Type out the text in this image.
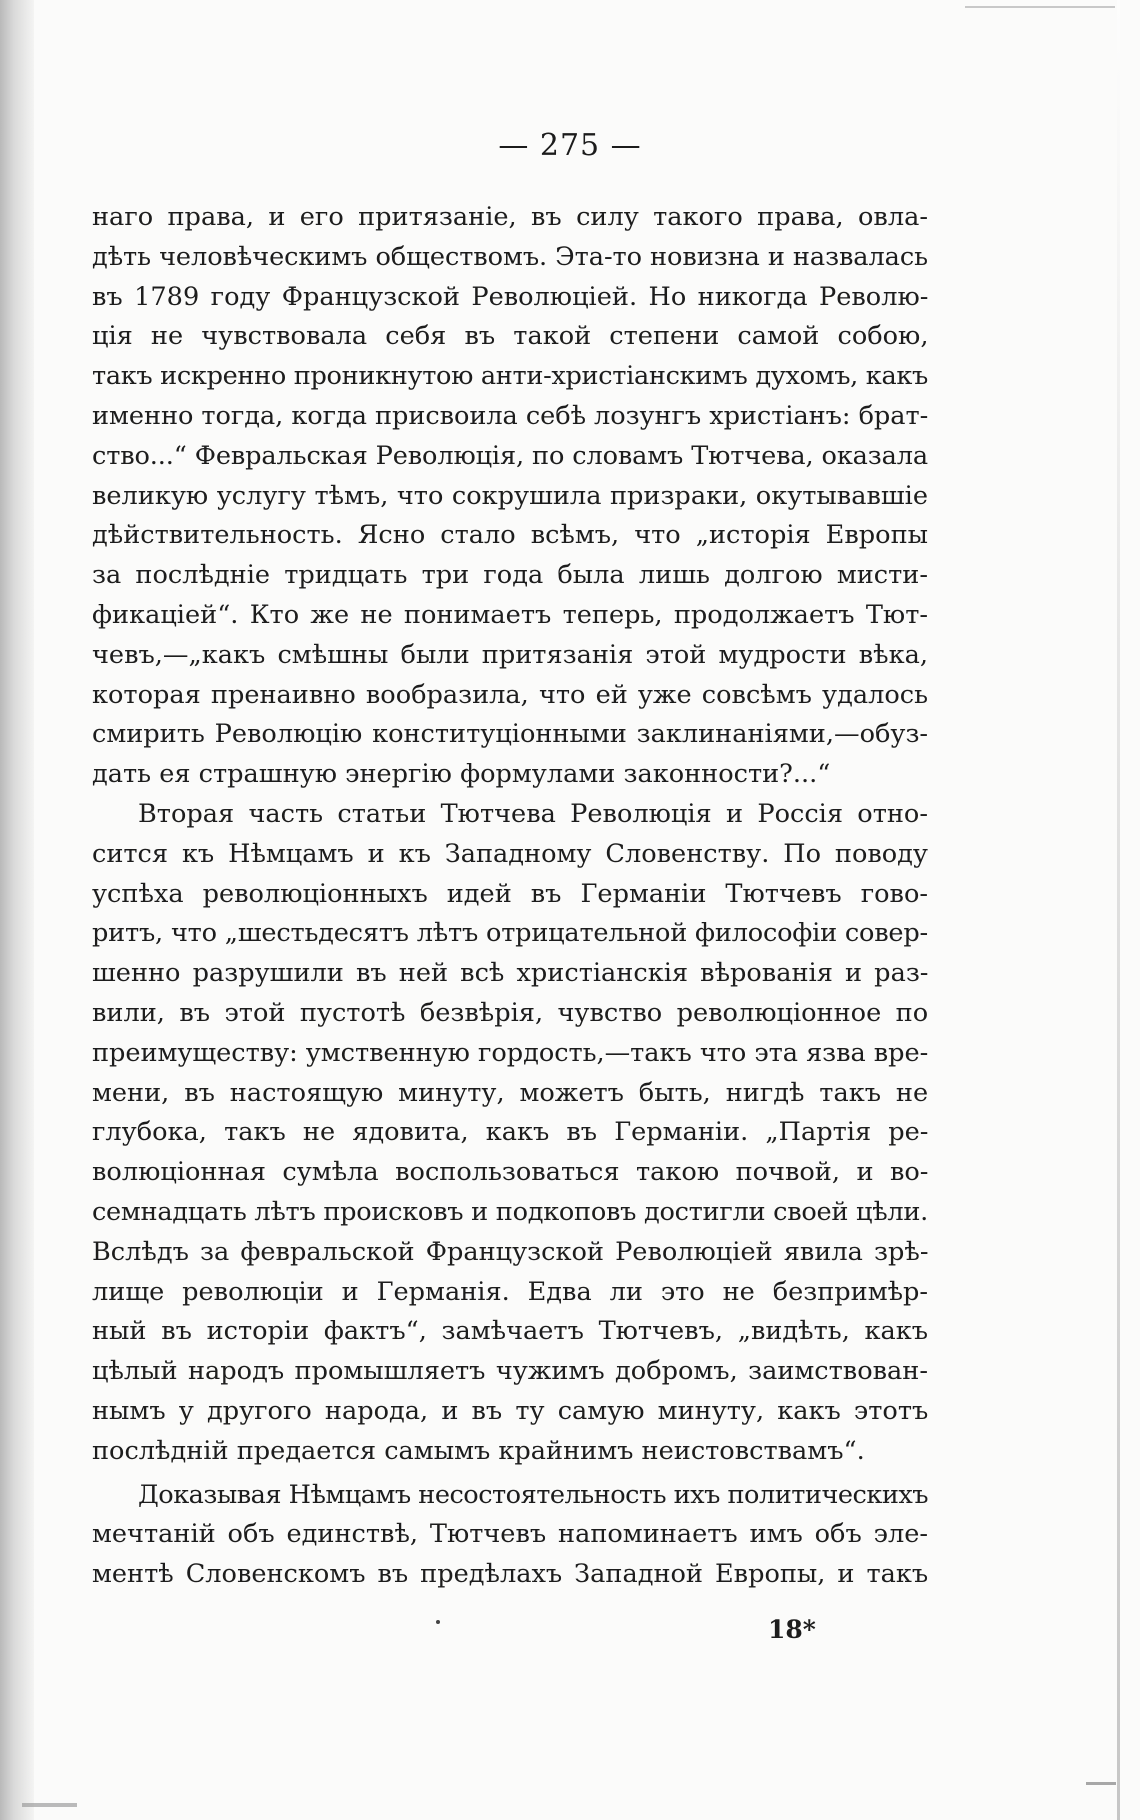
— 275 —
наго права, и его притязаніе, въ силу такого права, овла-
дѣть человѣческимъ обществомъ. Эта-то новизна и назвалась
въ 1789 году Французской Революціей. Но никогда Револю-
ція не чувствовала себя въ такой степени самой собою,
такъ искренно проникнутою анти-христіанскимъ духомъ, какъ
именно тогда, когда присвоила себѣ лозунгъ христіанъ: брат-
ство...“ Февральская Революція, по словамъ Тютчева, оказала
великую услугу тѣмъ, что сокрушила призраки, окутывавшіе
дѣйствительность. Ясно стало всѣмъ, что „исторія Европы
за послѣдніе тридцать три года была лишь долгою мисти-
фикаціей“. Кто же не понимаетъ теперь, продолжаетъ Тют-
чевъ,—„какъ смѣшны были притязанія этой мудрости вѣка,
которая пренаивно вообразила, что ей уже совсѣмъ удалось
смирить Революцію конституціонными заклинаніями,—обуз-
дать ея страшную энергію формулами законности?...“
Вторая часть статьи Тютчева Революція и Россія отно-
сится къ Нѣмцамъ и къ Западному Словенству. По поводу
успѣха революціонныхъ идей въ Германіи Тютчевъ гово-
ритъ, что „шестьдесятъ лѣтъ отрицательной философіи совер-
шенно разрушили въ ней всѣ христіанскія вѣрованія и раз-
вили, въ этой пустотѣ безвѣрія, чувство революціонное по
преимуществу: умственную гордость,—такъ что эта язва вре-
мени, въ настоящую минуту, можетъ быть, нигдѣ такъ не
глубока, такъ не ядовита, какъ въ Германіи. „Партія ре-
волюціонная сумѣла воспользоваться такою почвой, и во-
семнадцать лѣтъ происковъ и подкоповъ достигли своей цѣли.
Вслѣдъ за февральской Французской Революціей явила зрѣ-
лище революціи и Германія. Едва ли это не безпримѣр-
ный въ исторіи фактъ“, замѣчаетъ Тютчевъ, „видѣть, какъ
цѣлый народъ промышляетъ чужимъ добромъ, заимствован-
нымъ у другого народа, и въ ту самую минуту, какъ этотъ
послѣдній предается самымъ крайнимъ неистовствамъ“.
Доказывая Нѣмцамъ несостоятельность ихъ политическихъ
мечтаній объ единствѣ, Тютчевъ напоминаетъ имъ объ эле-
ментѣ Словенскомъ въ предѣлахъ Западной Европы, и такъ
18*
